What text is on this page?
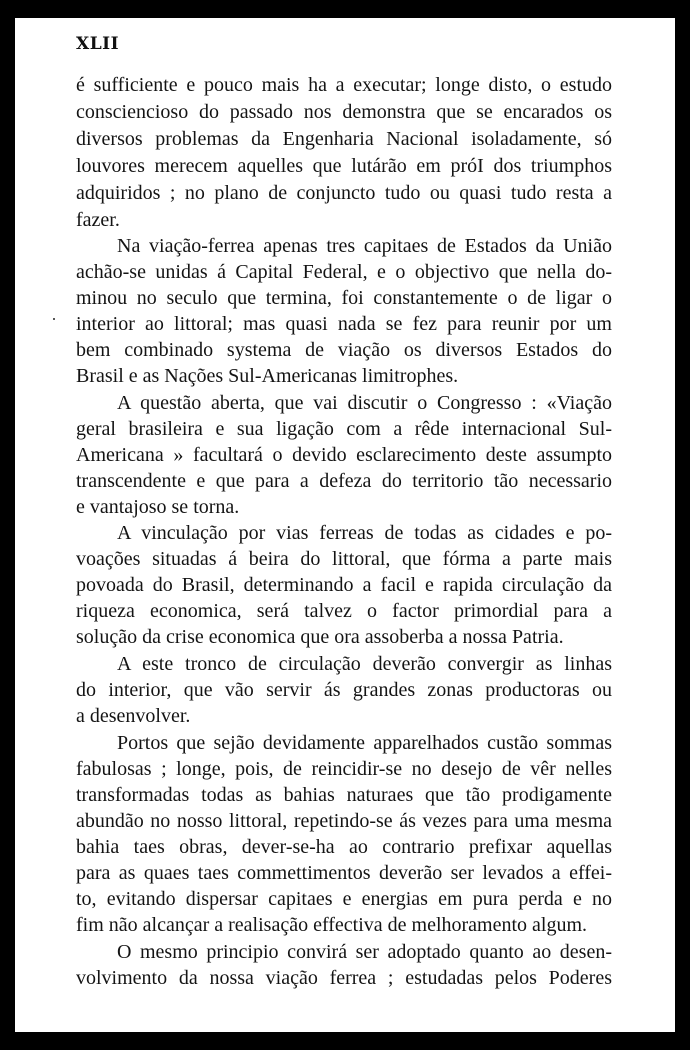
XLII
é sufficiente e pouco mais ha a executar; longe disto, o estudo
consciencioso do passado nos demonstra que se encarados os
diversos problemas da Engenharia Nacional isoladamente, só
louvores merecem aquelles que lutárão em próI dos triumphos
adquiridos ; no plano de conjuncto tudo ou quasi tudo resta a
fazer.
Na viação-ferrea apenas tres capitaes de Estados da União
achão-se unidas á Capital Federal, e o objectivo que nella do-
minou no seculo que termina, foi constantemente o de ligar o
interior ao littoral; mas quasi nada se fez para reunir por um
bem combinado systema de viação os diversos Estados do
Brasil e as Nações Sul-Americanas limitrophes.
A questão aberta, que vai discutir o Congresso : «Viação
geral brasileira e sua ligação com a rêde internacional Sul-
Americana » facultará o devido esclarecimento deste assumpto
transcendente e que para a defeza do territorio tão necessario
e vantajoso se torna.
A vinculação por vias ferreas de todas as cidades e po-
voações situadas á beira do littoral, que fórma a parte mais
povoada do Brasil, determinando a facil e rapida circulação da
riqueza economica, será talvez o factor primordial para a
solução da crise economica que ora assoberba a nossa Patria.
A este tronco de circulação deverão convergir as linhas
do interior, que vão servir ás grandes zonas productoras ou
a desenvolver.
Portos que sejão devidamente apparelhados custão sommas
fabulosas ; longe, pois, de reincidir-se no desejo de vêr nelles
transformadas todas as bahias naturaes que tão prodigamente
abundão no nosso littoral, repetindo-se ás vezes para uma mesma
bahia taes obras, dever-se-ha ao contrario prefixar aquellas
para as quaes taes commettimentos deverão ser levados a effei-
to, evitando dispersar capitaes e energias em pura perda e no
fim não alcançar a realisação effectiva de melhoramento algum.
O mesmo principio convirá ser adoptado quanto ao desen-
volvimento da nossa viação ferrea ; estudadas pelos Poderes
